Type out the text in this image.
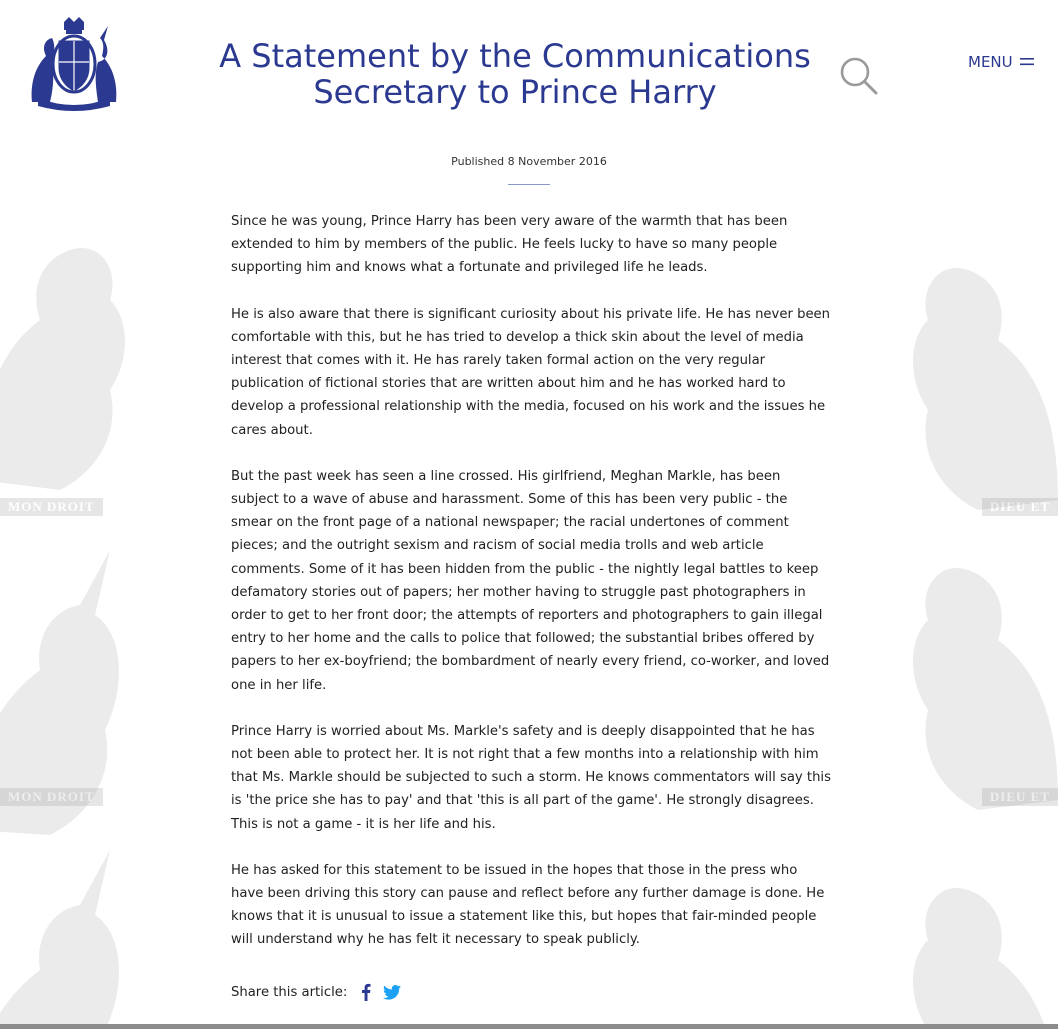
MON DROIT
MON DROIT
DIEU ET
DIEU ET
A Statement by the Communications Secretary to Prince Harry
MENU
Published 8 November 2016

Since he was young, Prince Harry has been very aware of the warmth that has been extended to him by members of the public. He feels lucky to have so many people supporting him and knows what a fortunate and privileged life he leads.

He is also aware that there is significant curiosity about his private life. He has never been comfortable with this, but he has tried to develop a thick skin about the level of media interest that comes with it. He has rarely taken formal action on the very regular publication of fictional stories that are written about him and he has worked hard to develop a professional relationship with the media, focused on his work and the issues he cares about.

But the past week has seen a line crossed. His girlfriend, Meghan Markle, has been subject to a wave of abuse and harassment. Some of this has been very public - the smear on the front page of a national newspaper; the racial undertones of comment pieces; and the outright sexism and racism of social media trolls and web article comments. Some of it has been hidden from the public - the nightly legal battles to keep defamatory stories out of papers; her mother having to struggle past photographers in order to get to her front door; the attempts of reporters and photographers to gain illegal entry to her home and the calls to police that followed; the substantial bribes offered by papers to her ex-boyfriend; the bombardment of nearly every friend, co-worker, and loved one in her life.

Prince Harry is worried about Ms. Markle's safety and is deeply disappointed that he has not been able to protect her. It is not right that a few months into a relationship with him that Ms. Markle should be subjected to such a storm. He knows commentators will say this is 'the price she has to pay' and that 'this is all part of the game'. He strongly disagrees. This is not a game - it is her life and his.

He has asked for this statement to be issued in the hopes that those in the press who have been driving this story can pause and reflect before any further damage is done. He knows that it is unusual to issue a statement like this, but hopes that fair-minded people will understand why he has felt it necessary to speak publicly.

Share this article:
